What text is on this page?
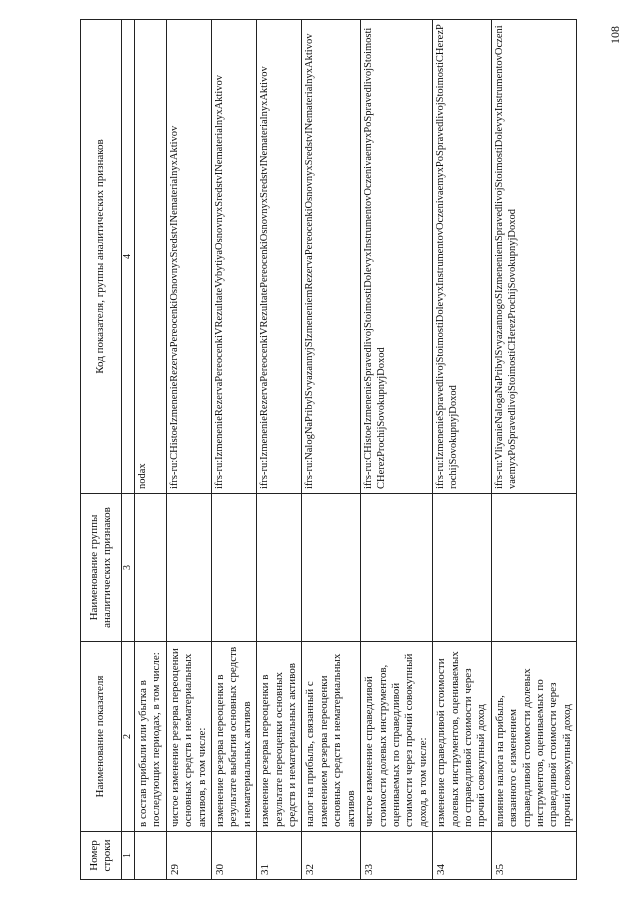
108
Номер строки	Наименование показателя	Наименование группы аналитических признаков	Код показателя, группы аналитических признаков
1	2	3	4
	в состав прибыли или убытка в последующих периодах, в том числе:		nodax
29	чистое изменение резерва переоценки основных средств и нематериальных активов, в том числе:		ifrs-ru:CHistoeIzmenenieRezervaPereocenkiOsnovnyxSredstvINematerialnyxAktivov
30	изменение резерва переоценки в результате выбытия основных средств и нематериальных активов		ifrs-ru:IzmenenieRezervaPereocenkiVRezultateVybytiyaOsnovnyxSredstvINematerialnyxAktivov
31	изменение резерва переоценки в результате переоценки основных средств и нематериальных активов		ifrs-ru:IzmenenieRezervaPereocenkiVRezultatePereocenkiOsnovnyxSredstvINematerialnyxAktivov
32	налог на прибыль, связанный с изменением резерва переоценки основных средств и нематериальных активов		ifrs-ru:NalogNaPribylSvyazannyjSIzmeneniemRezervaPereocenkiOsnovnyxSredstvINematerialnyxAktivov
33	чистое изменение справедливой стоимости долевых инструментов, оцениваемых по справедливой стоимости через прочий совокупный доход, в том числе:		ifrs-ru:CHistoeIzmenenieSpravedlivojStoimostiDolevyxInstrumentovOczenivaemyxPoSpravedlivojStoimostiCHerezProchijSovokupnyjDoxod
34	изменение справедливой стоимости долевых инструментов, оцениваемых по справедливой стоимости через прочий совокупный доход		ifrs-ru:IzmenenieSpravedlivojStoimostiDolevyxInstrumentovOczenivaemyxPoSpravedlivojStoimostiCHerezProchijSovokupnyjDoxod
35	влияние налога на прибыль, связанного с изменением справедливой стоимости долевых инструментов, оцениваемых по справедливой стоимости через прочий совокупный доход		ifrs-ru:VliyanieNalogaNaPribylSvyazannogoSIzmeneniemSpravedlivojStoimostiDolevyxInstrumentovOczenivaemyxPoSpravedlivojStoimostiCHerezProchijSovokupnyjDoxod
